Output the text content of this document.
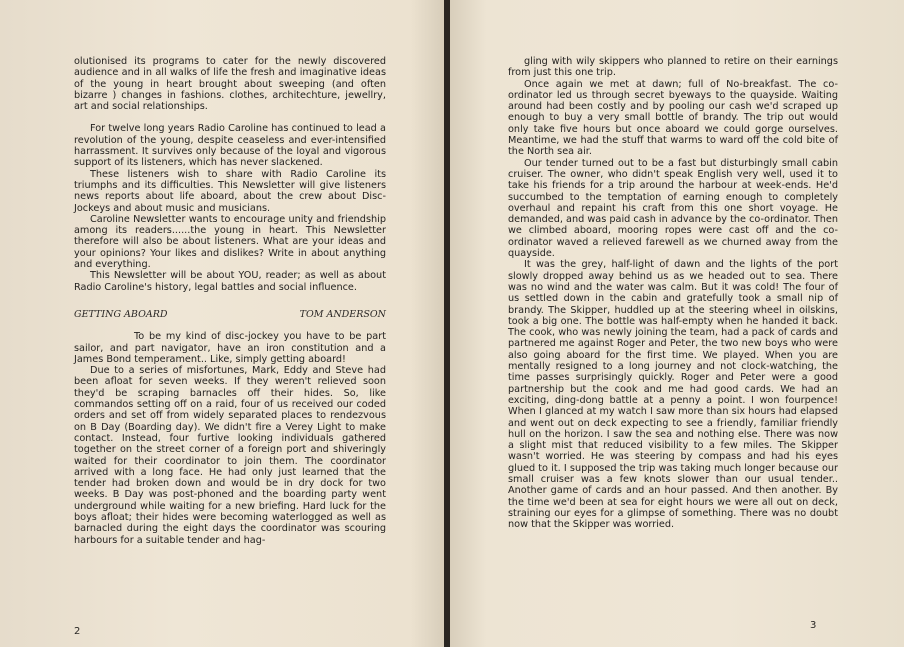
olutionised its programs to cater for the newly discovered audience and in all walks of life the fresh and imaginative ideas of the young in heart brought about sweeping (and often bizarre ) changes in fashions. clothes, architechture, jewellry, art and social relationships.

For twelve long years Radio Caroline has continued to lead a revolution of the young, despite ceaseless and ever-intensified harrassment. It survives only because of the loyal and vigorous support of its listeners, which has never slackened.

These listeners wish to share with Radio Caroline its triumphs and its difficulties. This Newsletter will give listeners news reports about life aboard, about the crew about Disc-Jockeys and about music and musicians.

Caroline Newsletter wants to encourage unity and friendship among its readers......the young in heart. This Newsletter therefore will also be about listeners. What are your ideas and your opinions? Your likes and dislikes? Write in about anything and everything.

This Newsletter will be about YOU, reader; as well as about Radio Caroline's history, legal battles and social influence.

GETTING ABOARD	TOM ANDERSON

To be my kind of disc-jockey you have to be part sailor, and part navigator, have an iron constitution and a James Bond temperament.. Like, simply getting aboard!

Due to a series of misfortunes, Mark, Eddy and Steve had been afloat for seven weeks. If they weren't relieved soon they'd be scraping barnacles off their hides. So, like commandos setting off on a raid, four of us received our coded orders and set off from widely separated places to rendezvous on B Day (Boarding day). We didn't fire a Verey Light to make contact. Instead, four furtive looking individuals gathered together on the street corner of a foreign port and shiveringly waited for their coordinator to join them. The coordinator arrived with a long face. He had only just learned that the tender had broken down and would be in dry dock for two weeks. B Day was post-phoned and the boarding party went underground while waiting for a new briefing. Hard luck for the boys afloat; their hides were becoming waterlogged as well as barnacled during the eight days the coordinator was scouring harbours for a suitable tender and hag-

2

gling with wily skippers who planned to retire on their earnings from just this one trip.

Once again we met at dawn; full of No-breakfast. The co-ordinator led us through secret byeways to the quayside. Waiting around had been costly and by pooling our cash we'd scraped up enough to buy a very small bottle of brandy. The trip out would only take five hours but once aboard we could gorge ourselves. Meantime, we had the stuff that warms to ward off the cold bite of the North sea air.

Our tender turned out to be a fast but disturbingly small cabin cruiser. The owner, who didn't speak English very well, used it to take his friends for a trip around the harbour at week-ends. He'd succumbed to the temptation of earning enough to completely overhaul and repaint his craft from this one short voyage. He demanded, and was paid cash in advance by the co-ordinator. Then we climbed aboard, mooring ropes were cast off and the co-ordinator waved a relieved farewell as we churned away from the quayside.

It was the grey, half-light of dawn and the lights of the port slowly dropped away behind us as we headed out to sea. There was no wind and the water was calm. But it was cold! The four of us settled down in the cabin and gratefully took a small nip of brandy. The Skipper, huddled up at the steering wheel in oilskins, took a big one. The bottle was half-empty when he handed it back. The cook, who was newly joining the team, had a pack of cards and partnered me against Roger and Peter, the two new boys who were also going aboard for the first time. We played. When you are mentally resigned to a long journey and not clock-watching, the time passes surprisingly quickly. Roger and Peter were a good partnership but the cook and me had good cards. We had an exciting, ding-dong battle at a penny a point. I won fourpence! When I glanced at my watch I saw more than six hours had elapsed and went out on deck expecting to see a friendly, familiar friendly hull on the horizon. I saw the sea and nothing else. There was now a slight mist that reduced visibility to a few miles. The Skipper wasn't worried. He was steering by compass and had his eyes glued to it. I supposed the trip was taking much longer because our small cruiser was a few knots slower than our usual tender.. Another game of cards and an hour passed. And then another. By the time we'd been at sea for eight hours we were all out on deck, straining our eyes for a glimpse of something. There was no doubt now that the Skipper was worried.

3
